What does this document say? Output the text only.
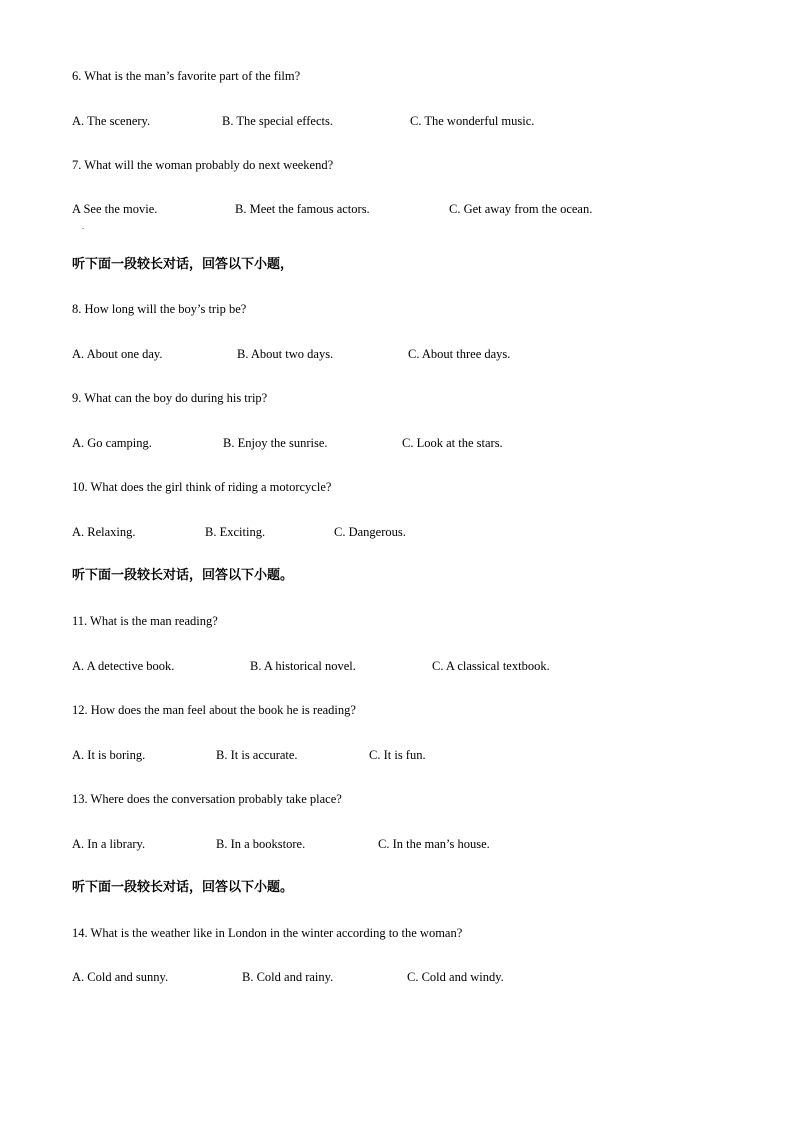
6. What is the man’s favorite part of the film?
A. The scenery.	B. The special effects.	C. The wonderful music.
7. What will the woman probably do next weekend?
A See the movie.	B. Meet the famous actors.	C. Get away from the ocean.
.
听下面一段较长对话，回答以下小题，
8. How long will the boy’s trip be?
A. About one day.	B. About two days.	C. About three days.
9. What can the boy do during his trip?
A. Go camping.	B. Enjoy the sunrise.	C. Look at the stars.
10. What does the girl think of riding a motorcycle?
A. Relaxing.	B. Exciting.	C. Dangerous.
听下面一段较长对话，回答以下小题。
11. What is the man reading?
A. A detective book.	B. A historical novel.	C. A classical textbook.
12. How does the man feel about the book he is reading?
A. It is boring.	B. It is accurate.	C. It is fun.
13. Where does the conversation probably take place?
A. In a library.	B. In a bookstore.	C. In the man’s house.
听下面一段较长对话，回答以下小题。
14. What is the weather like in London in the winter according to the woman?
A. Cold and sunny.	B. Cold and rainy.	C. Cold and windy.
